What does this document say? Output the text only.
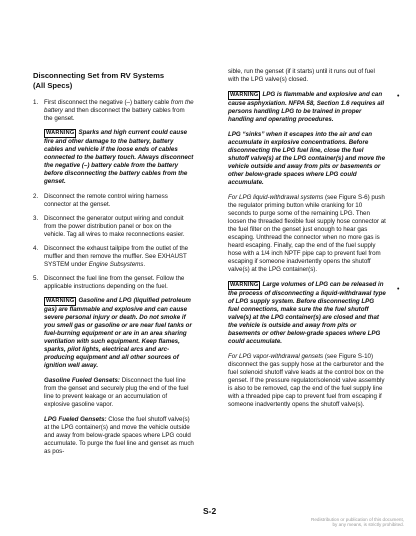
•
•
Disconnecting Set from RV Systems
(All Specs)
1. First disconnect the negative (–) battery cable from the battery and then disconnect the battery cables from the genset.

WARNING Sparks and high current could cause fire and other damage to the battery, battery cables and vehicle if the loose ends of cables connected to the battery touch. Always disconnect the negative (–) battery cable from the battery before disconnecting the battery cables from the genset.

2. Disconnect the remote control wiring harness connector at the genset.
3. Disconnect the generator output wiring and conduit from the power distribution panel or box on the vehicle. Tag all wires to make reconnections easier.
4. Disconnect the exhaust tailpipe from the outlet of the muffler and then remove the muffler. See EXHAUST SYSTEM under Engine Subsystems.
5. Disconnect the fuel line from the genset. Follow the applicable instructions depending on the fuel.

WARNING Gasoline and LPG (liquified petroleum gas) are flammable and explosive and can cause severe personal injury or death. Do not smoke if you smell gas or gasoline or are near fuel tanks or fuel-burning equipment or are in an area sharing ventilation with such equipment. Keep flames, sparks, pilot lights, electrical arcs and arc-producing equipment and all other sources of ignition well away.

Gasoline Fueled Gensets: Disconnect the fuel line from the genset and securely plug the end of the fuel line to prevent leakage or an accumulation of explosive gasoline vapor.

LPG Fueled Gensets: Close the fuel shutoff valve(s) at the LPG container(s) and move the vehicle outside and away from below-grade spaces where LPG could accumulate. To purge the fuel line and genset as much as pos-

sible, run the genset (if it starts) until it runs out of fuel with the LPG valve(s) closed.

WARNING LPG is flammable and explosive and can cause asphyxiation. NFPA 58, Section 1.6 requires all persons handling LPG to be trained in proper handling and operating procedures.

LPG “sinks” when it escapes into the air and can accumulate in explosive concentrations. Before disconnecting the LPG fuel line, close the fuel shutoff valve(s) at the LPG container(s) and move the vehicle outside and away from pits or basements or other below-grade spaces where LPG could accumulate.

For LPG liquid-withdrawal systems (see Figure S-6) push the regulator priming button while cranking for 10 seconds to purge some of the remaining LPG. Then loosen the threaded flexible fuel supply hose connector at the fuel filter on the genset just enough to hear gas escaping. Unthread the connector when no more gas is heard escaping. Finally, cap the end of the fuel supply hose with a 1/4 inch NPTF pipe cap to prevent fuel from escaping if someone inadvertently opens the shutoff valve(s) at the LPG container(s).

WARNING Large volumes of LPG can be released in the process of disconnecting a liquid-withdrawal type of LPG supply system. Before disconnecting LPG fuel connections, make sure the the fuel shutoff valve(s) at the LPG container(s) are closed and that the vehicle is outside and away from pits or basements or other below-grade spaces where LPG could accumulate.

For LPG vapor-withdrawal gensets (see Figure S-10) disconnect the gas supply hose at the carburetor and the fuel solenoid shutoff valve leads at the control box on the genset. If the pressure regulator/solenoid valve assembly is also to be removed, cap the end of the fuel supply line with a threaded pipe cap to prevent fuel from escaping if someone inadvertently opens the shutoff valve(s).

S-2
Redistribution or publication of this document,
by any means, is strictly prohibited.
